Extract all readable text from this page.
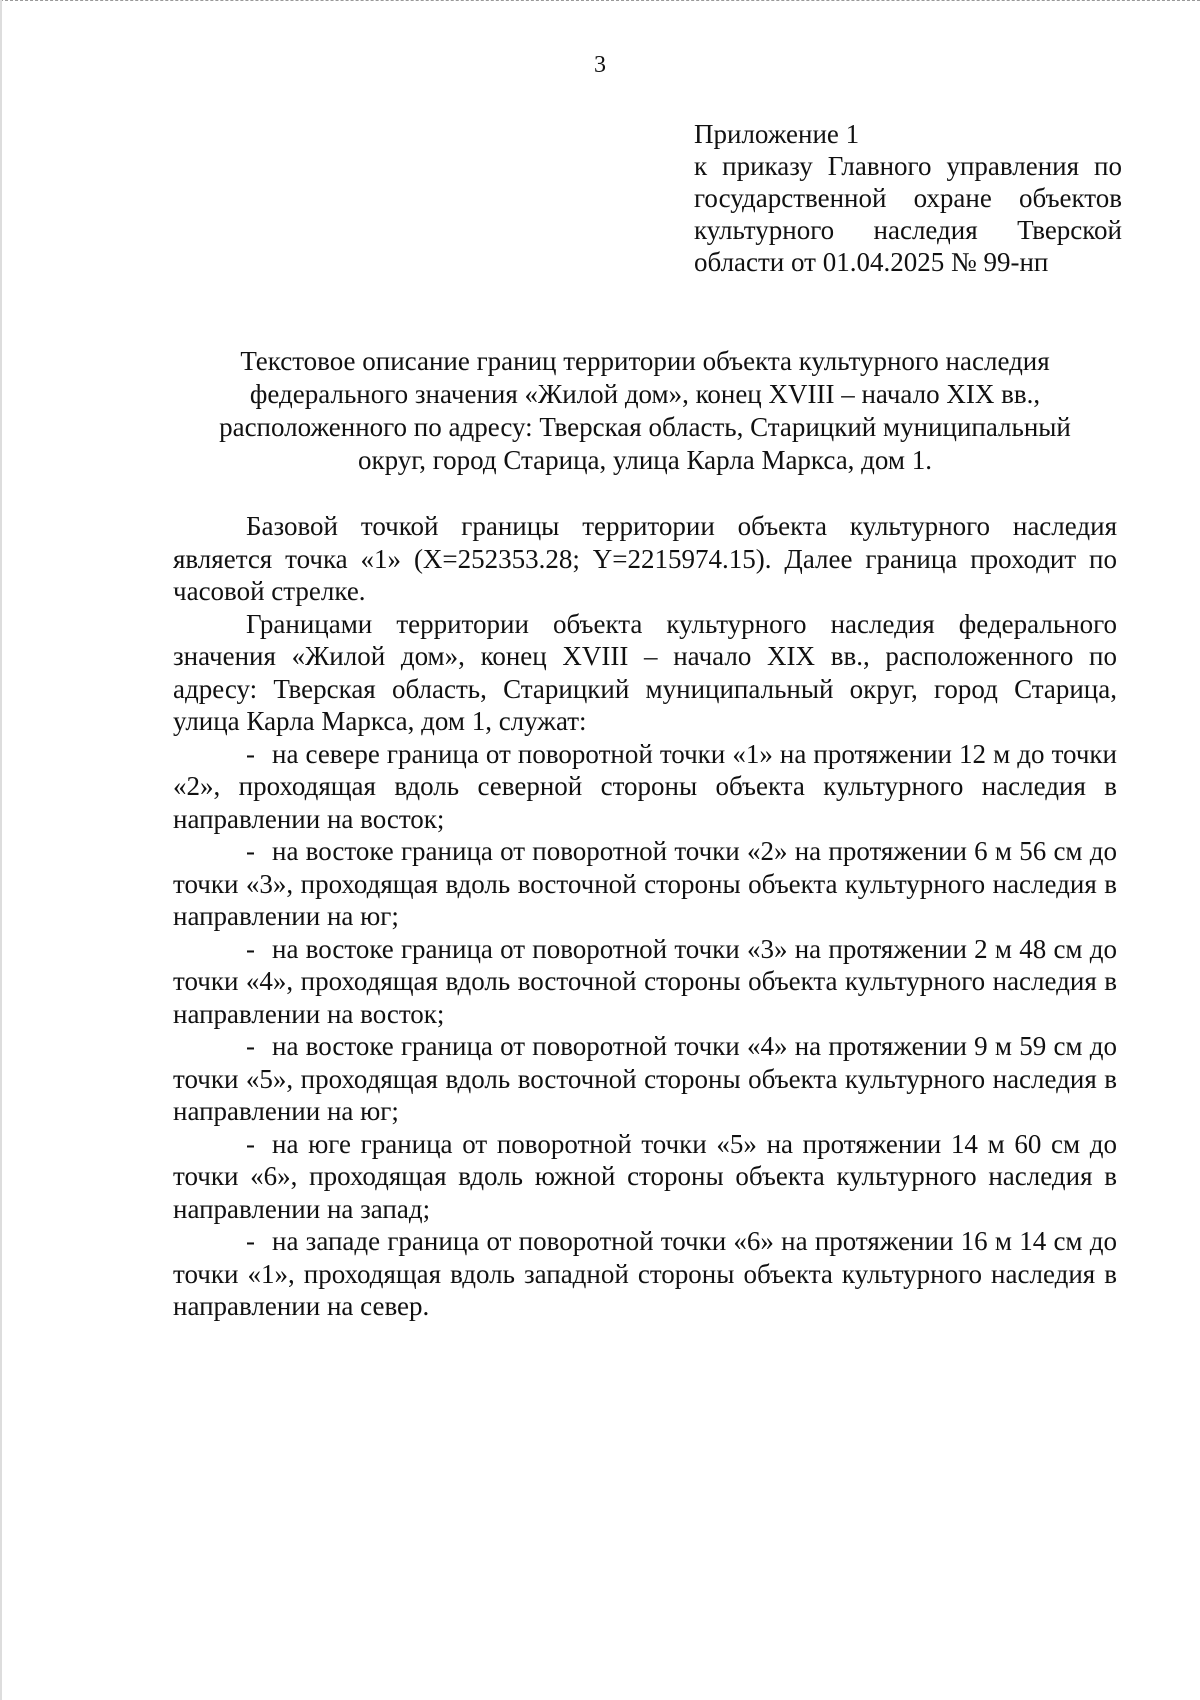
3
Приложение 1
к приказу Главного управления по
государственной охране объектов
культурного наследия Тверской
области от 01.04.2025 № 99-нп
Текстовое описание границ территории объекта культурного наследия
федерального значения «Жилой дом», конец XVIII – начало XIX вв.,
расположенного по адресу: Тверская область, Старицкий муниципальный
округ, город Старица, улица Карла Маркса, дом 1.

Базовой точкой границы территории объекта культурного наследия является точка «1» (Х=252353.28; Y=2215974.15). Далее граница проходит по часовой стрелке.

Границами территории объекта культурного наследия федерального значения «Жилой дом», конец XVIII – начало XIX вв., расположенного по адресу: Тверская область, Старицкий муниципальный округ, город Старица, улица Карла Маркса, дом 1, служат:

- на севере граница от поворотной точки «1» на протяжении 12 м до точки «2», проходящая вдоль северной стороны объекта культурного наследия в направлении на восток;

- на востоке граница от поворотной точки «2» на протяжении 6 м 56 см до точки «3», проходящая вдоль восточной стороны объекта культурного наследия в направлении на юг;

- на востоке граница от поворотной точки «3» на протяжении 2 м 48 см до точки «4», проходящая вдоль восточной стороны объекта культурного наследия в направлении на восток;

- на востоке граница от поворотной точки «4» на протяжении 9 м 59 см до точки «5», проходящая вдоль восточной стороны объекта культурного наследия в направлении на юг;

- на юге граница от поворотной точки «5» на протяжении 14 м 60 см до точки «6», проходящая вдоль южной стороны объекта культурного наследия в направлении на запад;

- на западе граница от поворотной точки «6» на протяжении 16 м 14 см до точки «1», проходящая вдоль западной стороны объекта культурного наследия в направлении на север.
